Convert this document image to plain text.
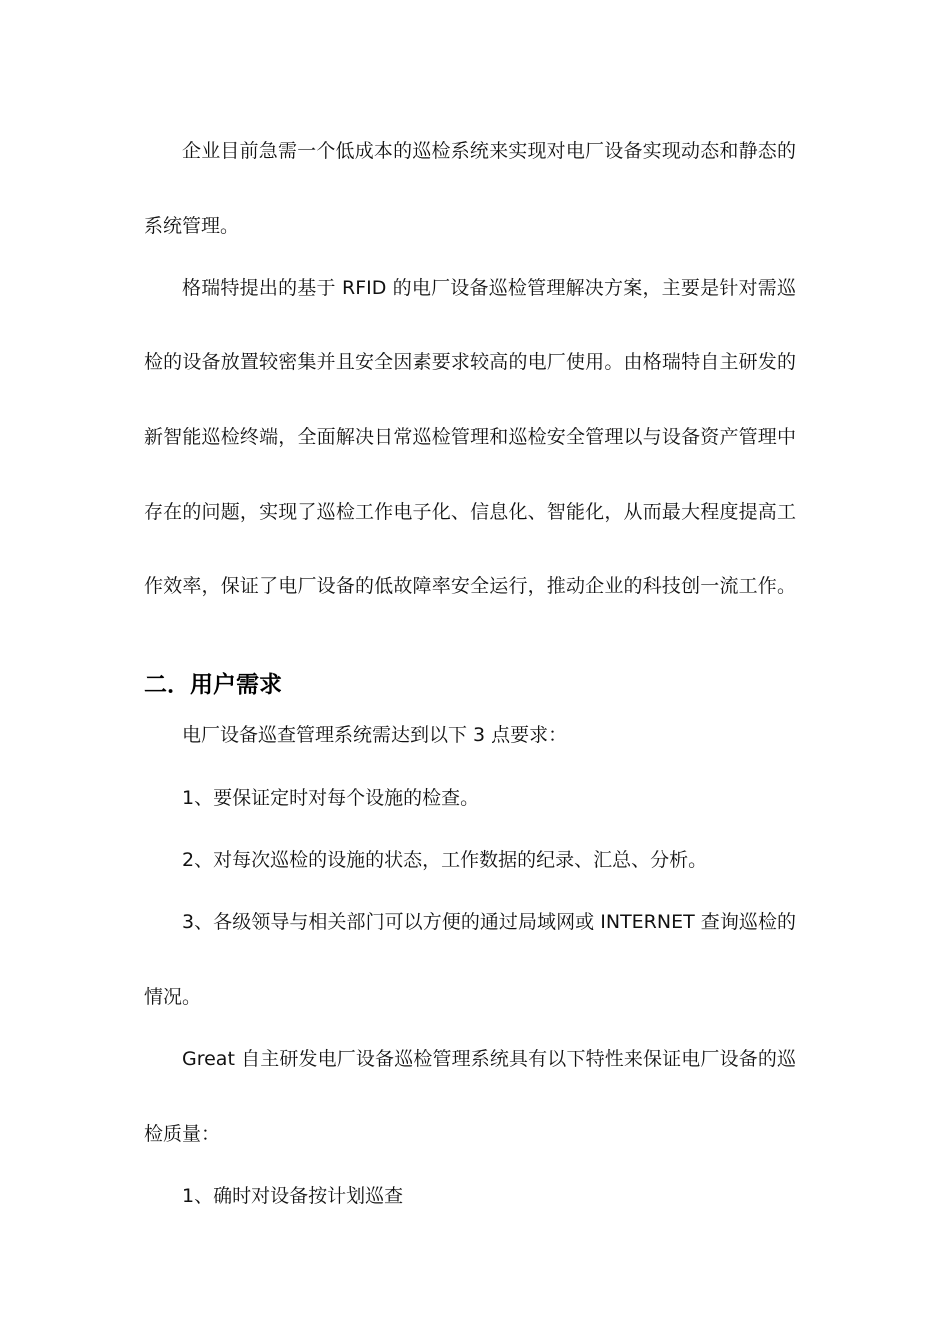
企业目前急需一个低成本的巡检系统来实现对电厂设备实现动态和静态的
系统管理。
格瑞特提出的基于 RFID 的电厂设备巡检管理解决方案，主要是针对需巡
检的设备放置较密集并且安全因素要求较高的电厂使用。由格瑞特自主研发的
新智能巡检终端，全面解决日常巡检管理和巡检安全管理以与设备资产管理中
存在的问题，实现了巡检工作电子化、信息化、智能化，从而最大程度提高工
作效率，保证了电厂设备的低故障率安全运行，推动企业的科技创一流工作。
二．用户需求
电厂设备巡查管理系统需达到以下 3 点要求：
1、要保证定时对每个设施的检查。
2、对每次巡检的设施的状态，工作数据的纪录、汇总、分析。
3、各级领导与相关部门可以方便的通过局域网或 INTERNET 查询巡检的
情况。
Great 自主研发电厂设备巡检管理系统具有以下特性来保证电厂设备的巡
检质量：
1、确时对设备按计划巡查
